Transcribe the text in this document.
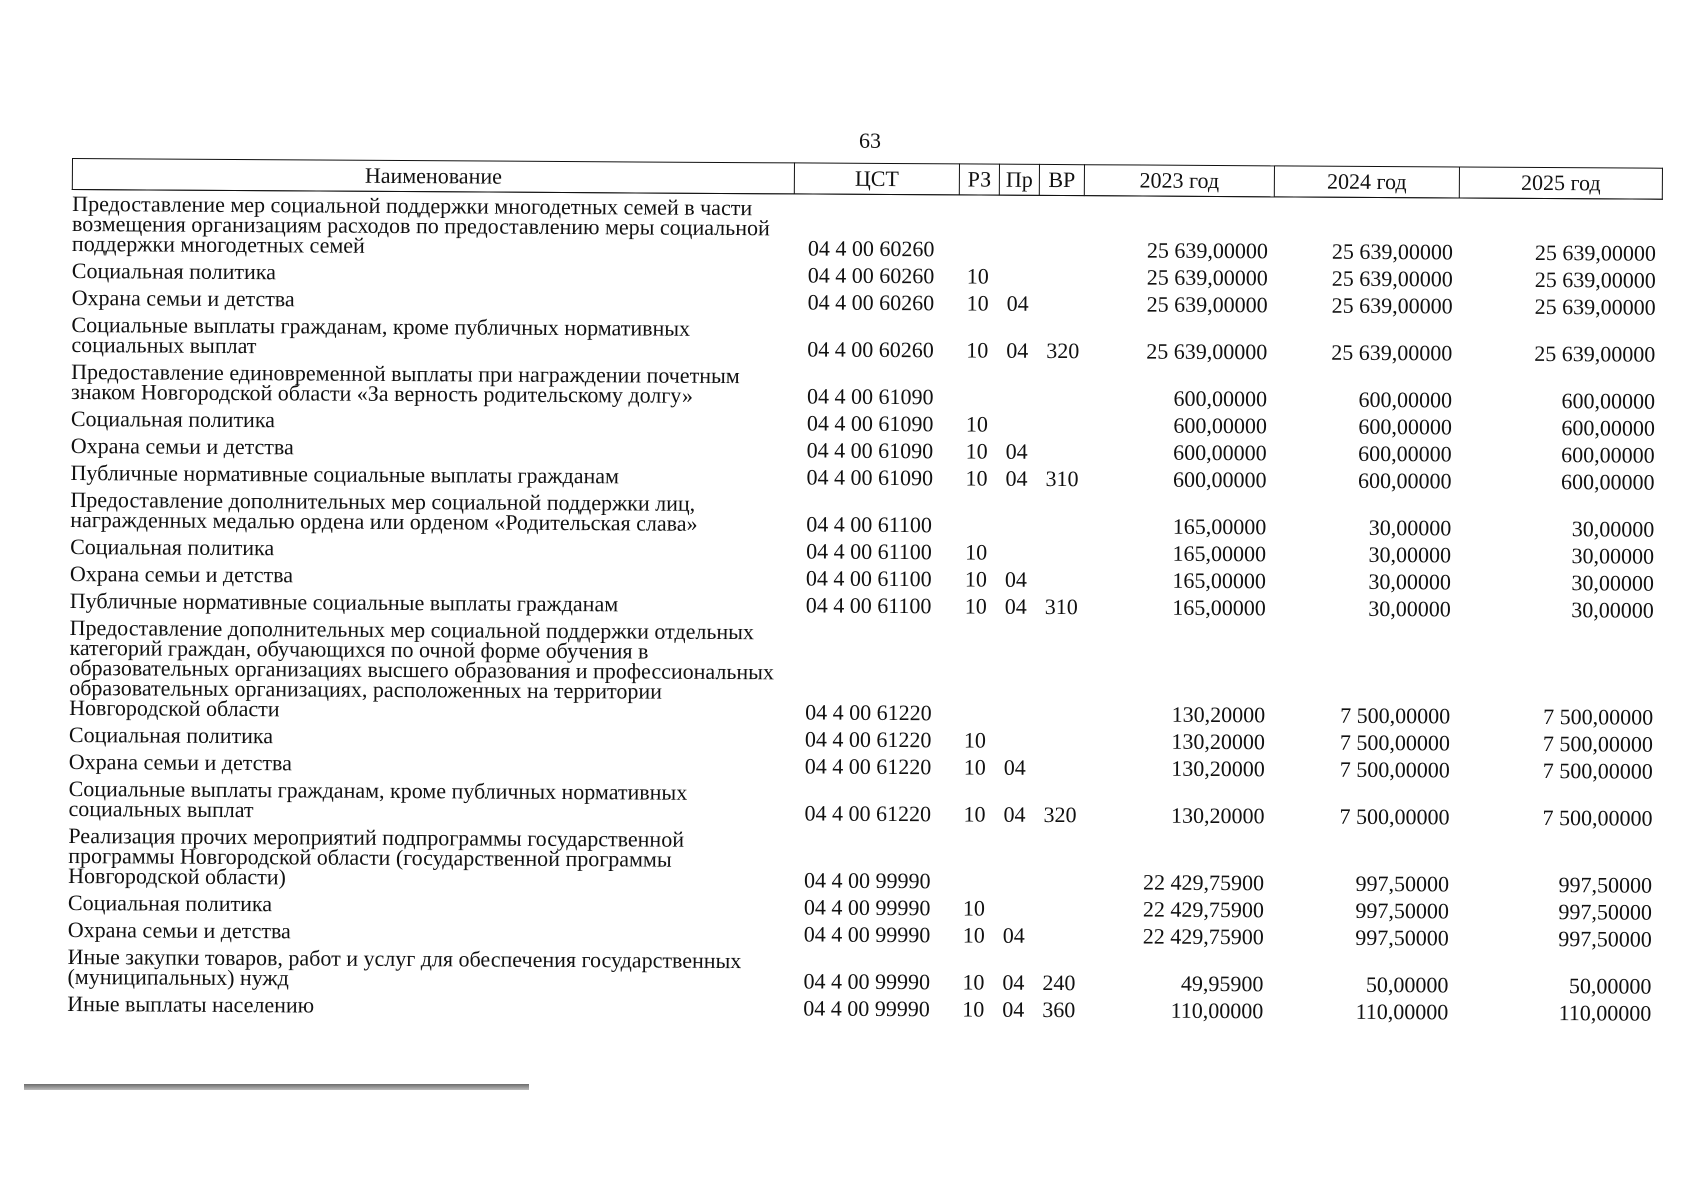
63
Наименование	ЦСТ	РЗ	Пр	ВР	2023 год	2024 год	2025 год
Предоставление мер социальной поддержки многодетных семей в части возмещения организациям расходов по предоставлению меры социальной поддержки многодетных семей	04 4 00 60260				25 639,00000	25 639,00000	25 639,00000
Социальная политика	04 4 00 60260	10			25 639,00000	25 639,00000	25 639,00000
Охрана семьи и детства	04 4 00 60260	10	04		25 639,00000	25 639,00000	25 639,00000
Социальные выплаты гражданам, кроме публичных нормативных социальных выплат	04 4 00 60260	10	04	320	25 639,00000	25 639,00000	25 639,00000
Предоставление единовременной выплаты при награждении почетным знаком Новгородской области «За верность родительскому долгу»	04 4 00 61090				600,00000	600,00000	600,00000
Социальная политика	04 4 00 61090	10			600,00000	600,00000	600,00000
Охрана семьи и детства	04 4 00 61090	10	04		600,00000	600,00000	600,00000
Публичные нормативные социальные выплаты гражданам	04 4 00 61090	10	04	310	600,00000	600,00000	600,00000
Предоставление дополнительных мер социальной поддержки лиц, награжденных медалью ордена или орденом «Родительская слава»	04 4 00 61100				165,00000	30,00000	30,00000
Социальная политика	04 4 00 61100	10			165,00000	30,00000	30,00000
Охрана семьи и детства	04 4 00 61100	10	04		165,00000	30,00000	30,00000
Публичные нормативные социальные выплаты гражданам	04 4 00 61100	10	04	310	165,00000	30,00000	30,00000
Предоставление дополнительных мер социальной поддержки отдельных категорий граждан, обучающихся по очной форме обучения в образовательных организациях высшего образования и профессиональных образовательных организациях, расположенных на территории Новгородской области	04 4 00 61220				130,20000	7 500,00000	7 500,00000
Социальная политика	04 4 00 61220	10			130,20000	7 500,00000	7 500,00000
Охрана семьи и детства	04 4 00 61220	10	04		130,20000	7 500,00000	7 500,00000
Социальные выплаты гражданам, кроме публичных нормативных социальных выплат	04 4 00 61220	10	04	320	130,20000	7 500,00000	7 500,00000
Реализация прочих мероприятий подпрограммы государственной программы Новгородской области (государственной программы Новгородской области)	04 4 00 99990				22 429,75900	997,50000	997,50000
Социальная политика	04 4 00 99990	10			22 429,75900	997,50000	997,50000
Охрана семьи и детства	04 4 00 99990	10	04		22 429,75900	997,50000	997,50000
Иные закупки товаров, работ и услуг для обеспечения государственных (муниципальных) нужд	04 4 00 99990	10	04	240	49,95900	50,00000	50,00000
Иные выплаты населению	04 4 00 99990	10	04	360	110,00000	110,00000	110,00000
